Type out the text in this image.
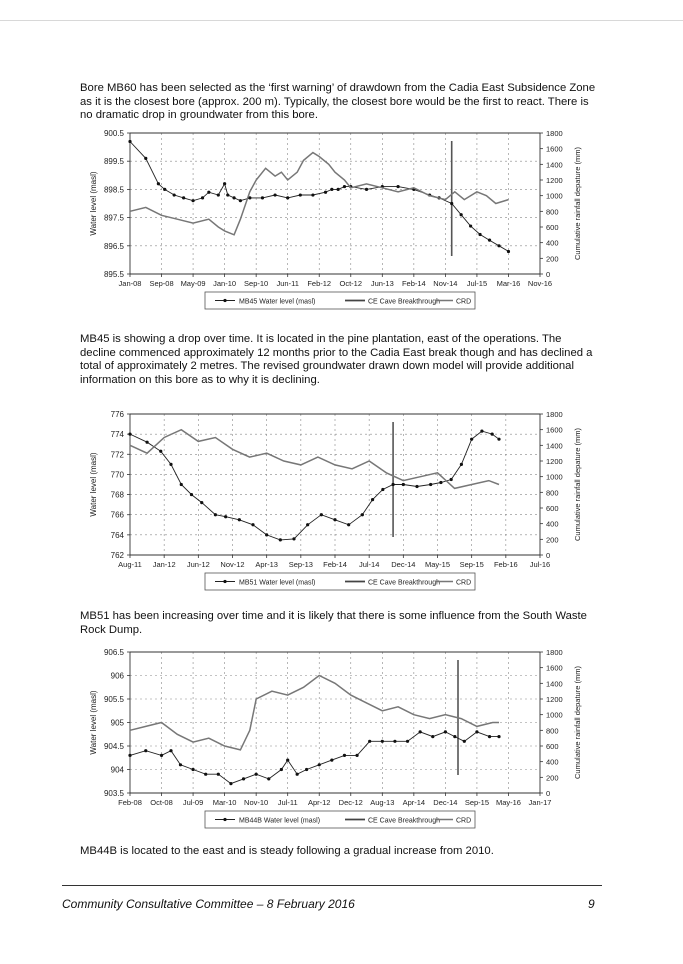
Bore MB60 has been selected as the ‘first warning’ of drawdown from the Cadia East Subsidence Zone as it is the closest bore (approx. 200 m). Typically, the closest bore would be the first to react. There is no dramatic drop in groundwater from this bore.

900.5
899.5
898.5
897.5
896.5
895.5
1800
1600
1400
1200
1000
800
600
400
200
0
Jan-08 Sep-08 May-09 Jan-10 Sep-10 Jun-11 Feb-12 Oct-12 Jun-13 Feb-14 Nov-14 Jul-15 Mar-16 Nov-16
Water level (masl)	Cumulative rainfall depature (mm)
MB45 Water level (masl)	CE Cave Breakthrough CRD

MB45 is showing a drop over time. It is located in the pine plantation, east of the operations. The decline commenced approximately 12 months prior to the Cadia East break though and has declined a total of approximately 2 metres. The revised groundwater drawn down model will provide additional information on this bore as to why it is declining.

776
774
772
770
768
766
764
762
1800
1600
1400
1200
1000
800
600
400
200
0
Aug-11 Jan-12 Jun-12 Nov-12 Apr-13 Sep-13 Feb-14 Jul-14 Dec-14 May-15 Sep-15 Feb-16 Jul-16
Water level (masl)	Cumulative rainfall depature (mm)
MB51 Water level (masl)	CE Cave Breakthrough CRD

MB51 has been increasing over time and it is likely that there is some influence from the South Waste Rock Dump.

906.5
906
905.5
905
904.5
904
903.5
1800
1600
1400
1200
1000
800
600
400
200
0
Feb-08 Oct-08 Jul-09 Mar-10 Nov-10 Jul-11 Apr-12 Dec-12 Aug-13 Apr-14 Dec-14 Sep-15 May-16 Jan-17
Water level (masl)	Cumulative rainfall depature (mm)
MB44B Water level (masl)	CE Cave Breakthrough CRD

MB44B is located to the east and is steady following a gradual increase from 2010.

Community Consultative Committee – 8 February 2016	9
